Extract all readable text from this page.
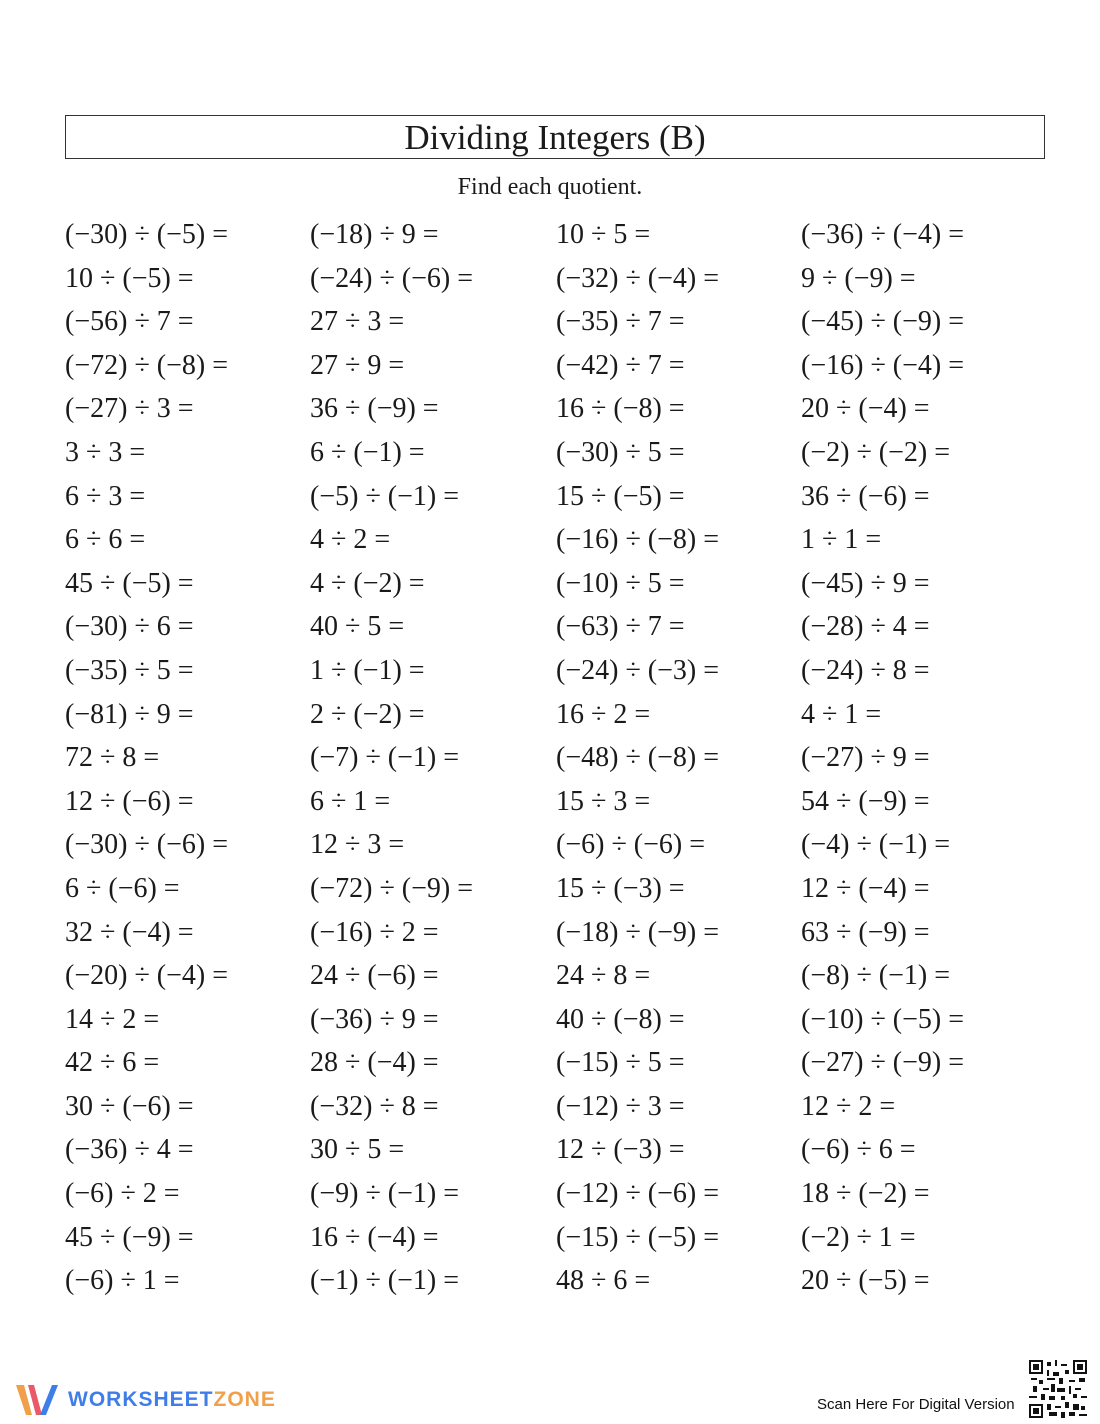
Dividing Integers (B)
Find each quotient.
(−30) ÷ (−5) =	(−18) ÷ 9 =	10 ÷ 5 =	(−36) ÷ (−4) =
10 ÷ (−5) =	(−24) ÷ (−6) =	(−32) ÷ (−4) =	9 ÷ (−9) =
(−56) ÷ 7 =	27 ÷ 3 =	(−35) ÷ 7 =	(−45) ÷ (−9) =
(−72) ÷ (−8) =	27 ÷ 9 =	(−42) ÷ 7 =	(−16) ÷ (−4) =
(−27) ÷ 3 =	36 ÷ (−9) =	16 ÷ (−8) =	20 ÷ (−4) =
3 ÷ 3 =	6 ÷ (−1) =	(−30) ÷ 5 =	(−2) ÷ (−2) =
6 ÷ 3 =	(−5) ÷ (−1) =	15 ÷ (−5) =	36 ÷ (−6) =
6 ÷ 6 =	4 ÷ 2 =	(−16) ÷ (−8) =	1 ÷ 1 =
45 ÷ (−5) =	4 ÷ (−2) =	(−10) ÷ 5 =	(−45) ÷ 9 =
(−30) ÷ 6 =	40 ÷ 5 =	(−63) ÷ 7 =	(−28) ÷ 4 =
(−35) ÷ 5 =	1 ÷ (−1) =	(−24) ÷ (−3) =	(−24) ÷ 8 =
(−81) ÷ 9 =	2 ÷ (−2) =	16 ÷ 2 =	4 ÷ 1 =
72 ÷ 8 =	(−7) ÷ (−1) =	(−48) ÷ (−8) =	(−27) ÷ 9 =
12 ÷ (−6) =	6 ÷ 1 =	15 ÷ 3 =	54 ÷ (−9) =
(−30) ÷ (−6) =	12 ÷ 3 =	(−6) ÷ (−6) =	(−4) ÷ (−1) =
6 ÷ (−6) =	(−72) ÷ (−9) =	15 ÷ (−3) =	12 ÷ (−4) =
32 ÷ (−4) =	(−16) ÷ 2 =	(−18) ÷ (−9) =	63 ÷ (−9) =
(−20) ÷ (−4) =	24 ÷ (−6) =	24 ÷ 8 =	(−8) ÷ (−1) =
14 ÷ 2 =	(−36) ÷ 9 =	40 ÷ (−8) =	(−10) ÷ (−5) =
42 ÷ 6 =	28 ÷ (−4) =	(−15) ÷ 5 =	(−27) ÷ (−9) =
30 ÷ (−6) =	(−32) ÷ 8 =	(−12) ÷ 3 =	12 ÷ 2 =
(−36) ÷ 4 =	30 ÷ 5 =	12 ÷ (−3) =	(−6) ÷ 6 =
(−6) ÷ 2 =	(−9) ÷ (−1) =	(−12) ÷ (−6) =	18 ÷ (−2) =
45 ÷ (−9) =	16 ÷ (−4) =	(−15) ÷ (−5) =	(−2) ÷ 1 =
(−6) ÷ 1 =	(−1) ÷ (−1) =	48 ÷ 6 =	20 ÷ (−5) =
WORKSHEETZONE	Scan Here For Digital Version
